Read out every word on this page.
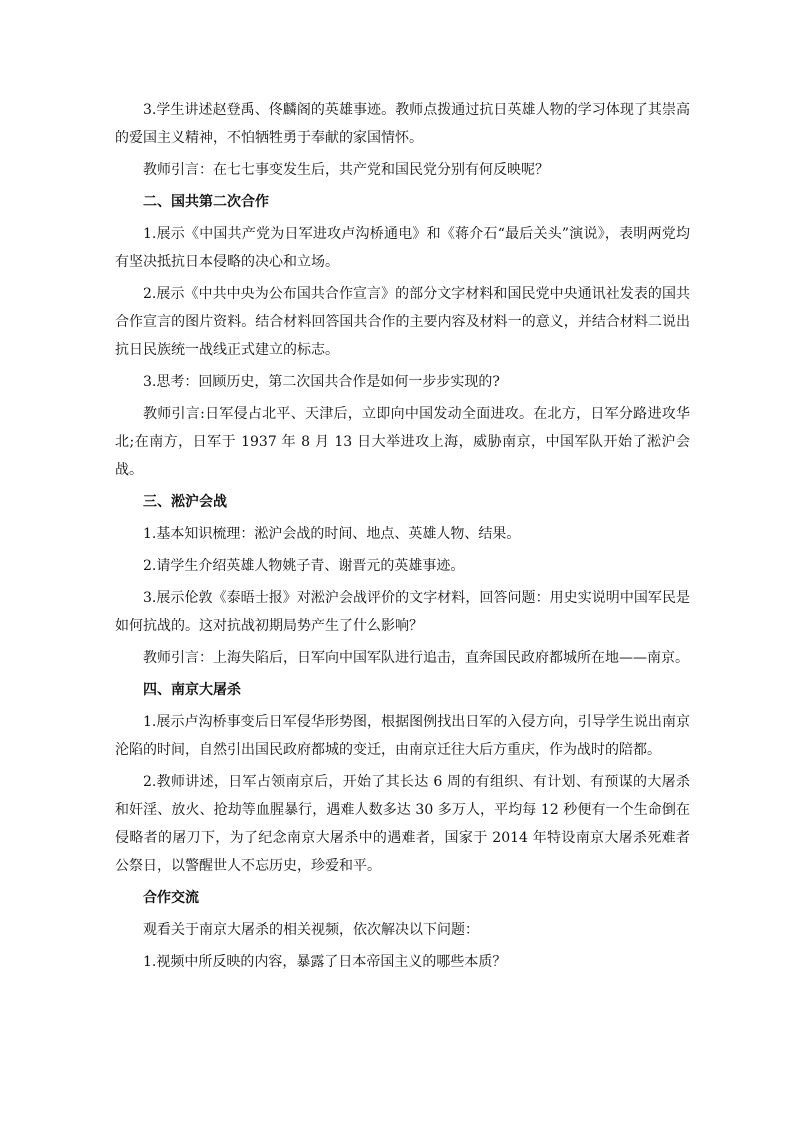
3.学生讲述赵登禹、佟麟阁的英雄事迹。教师点拨通过抗日英雄人物的学习体现了其崇高的爱国主义精神，不怕牺牲勇于奉献的家国情怀。

教师引言：在七七事变发生后，共产党和国民党分别有何反映呢？

二、国共第二次合作

1.展示《中国共产党为日军进攻卢沟桥通电》和《蒋介石“最后关头”演说》，表明两党均有坚决抵抗日本侵略的决心和立场。

2.展示《中共中央为公布国共合作宣言》的部分文字材料和国民党中央通讯社发表的国共合作宣言的图片资料。结合材料回答国共合作的主要内容及材料一的意义，并结合材料二说出抗日民族统一战线正式建立的标志。

3.思考：回顾历史，第二次国共合作是如何一步步实现的?

教师引言:日军侵占北平、天津后，立即向中国发动全面进攻。在北方，日军分路进攻华北;在南方，日军于 1937 年 8 月 13 日大举进攻上海，威胁南京，中国军队开始了淞沪会战。

三、淞沪会战

1.基本知识梳理：淞沪会战的时间、地点、英雄人物、结果。

2.请学生介绍英雄人物姚子青、谢晋元的英雄事迹。

3.展示伦敦《泰晤士报》对淞沪会战评价的文字材料，回答问题：用史实说明中国军民是如何抗战的。这对抗战初期局势产生了什么影响？

教师引言：上海失陷后，日军向中国军队进行追击，直奔国民政府都城所在地——南京。

四、南京大屠杀

1.展示卢沟桥事变后日军侵华形势图，根据图例找出日军的入侵方向，引导学生说出南京沦陷的时间，自然引出国民政府都城的变迁，由南京迁往大后方重庆，作为战时的陪都。

2.教师讲述，日军占领南京后，开始了其长达 6 周的有组织、有计划、有预谋的大屠杀和奸淫、放火、抢劫等血腥暴行，遇难人数多达 30 多万人，平均每 12 秒便有一个生命倒在侵略者的屠刀下，为了纪念南京大屠杀中的遇难者，国家于 2014 年特设南京大屠杀死难者公祭日，以警醒世人不忘历史，珍爱和平。

合作交流

观看关于南京大屠杀的相关视频，依次解决以下问题：

1.视频中所反映的内容，暴露了日本帝国主义的哪些本质？
